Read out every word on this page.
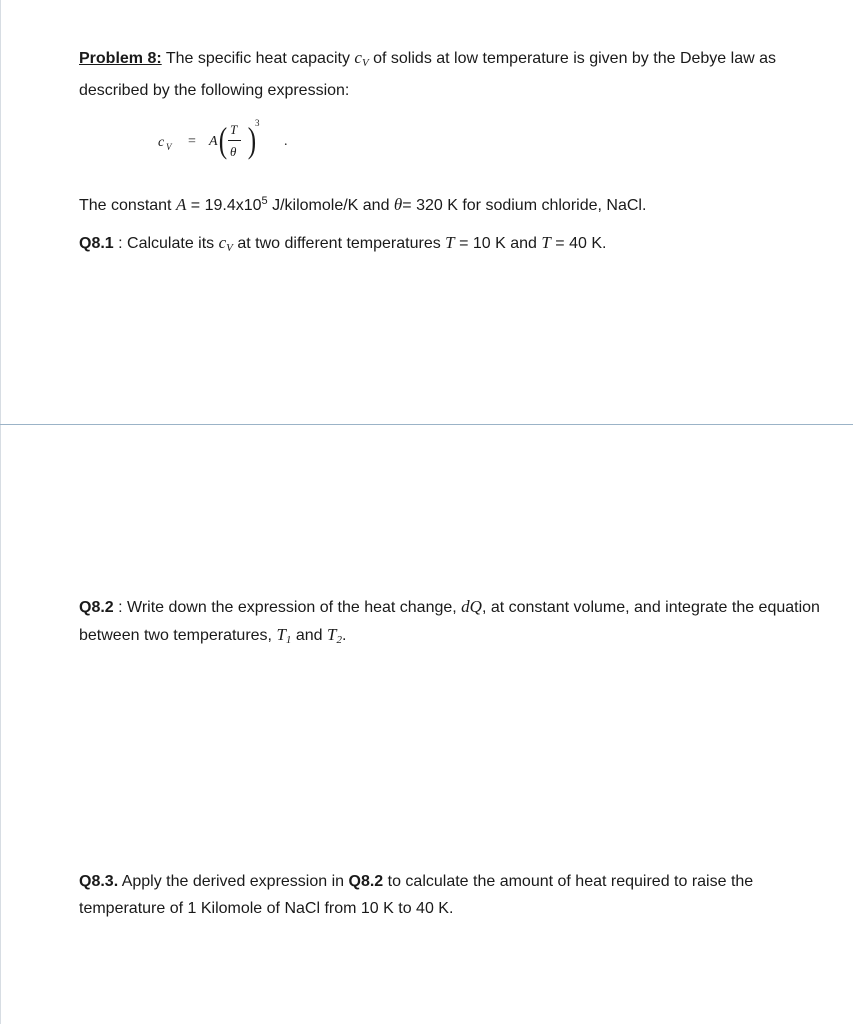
Problem 8: The specific heat capacity $c_V$ of solids at low temperature is given by the Debye law as described by the following expression:

c V = A ( T
θ )
3
.

The constant $A = 19.4x10^5$ J/kilomole/K and θ= 320 K for sodium chloride, NaCl.

Q8.1 : Calculate its $c_V$ at two different temperatures T = 10 K and T = 40 K.

Q8.2 : Write down the expression of the heat change, dQ, at constant volume, and integrate the equation between two temperatures, $T_1$ and $T_2$.

Q8.3. Apply the derived expression in Q8.2 to calculate the amount of heat required to raise the temperature of 1 Kilomole of NaCl from 10 K to 40 K.
